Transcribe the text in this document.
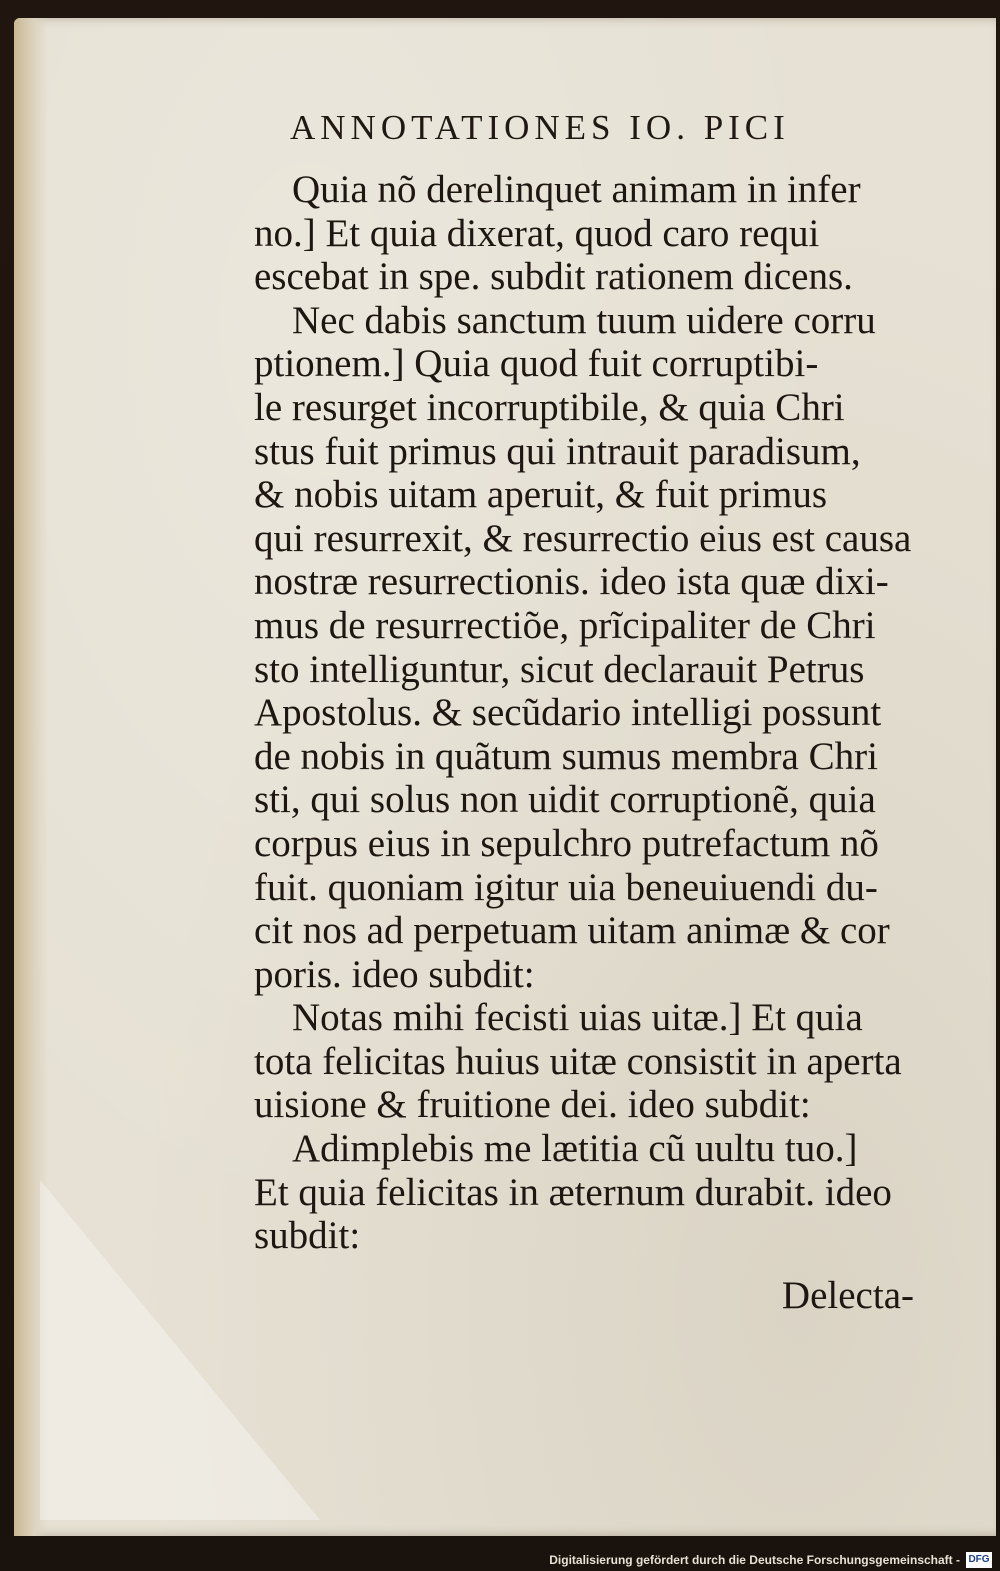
ANNOTATIONES IO. PICI
Quia nõ derelinquet animam in infer
no.] Et quia dixerat, quod caro requi
escebat in spe. subdit rationem dicens.
Nec dabis sanctum tuum uidere corru
ptionem.] Quia quod fuit corruptibi-
le resurget incorruptibile, & quia Chri
stus fuit primus qui intrauit paradisum,
& nobis uitam aperuit, & fuit primus
qui resurrexit, & resurrectio eius est causa
nostræ resurrectionis. ideo ista quæ dixi-
mus de resurrectiõe, prĩcipaliter de Chri
sto intelliguntur, sicut declarauit Petrus
Apostolus. & secũdario intelligi possunt
de nobis in quãtum sumus membra Chri
sti, qui solus non uidit corruptionẽ, quia
corpus eius in sepulchro putrefactum nõ
fuit. quoniam igitur uia beneuiuendi du-
cit nos ad perpetuam uitam animæ & cor
poris. ideo subdit:
Notas mihi fecisti uias uitæ.] Et quia
tota felicitas huius uitæ consistit in aperta
uisione & fruitione dei. ideo subdit:
Adimplebis me lætitia cũ uultu tuo.]
Et quia felicitas in æternum durabit. ideo
subdit:
Delecta-
Digitalisierung gefördert durch die Deutsche Forschungsgemeinschaft - DFG
